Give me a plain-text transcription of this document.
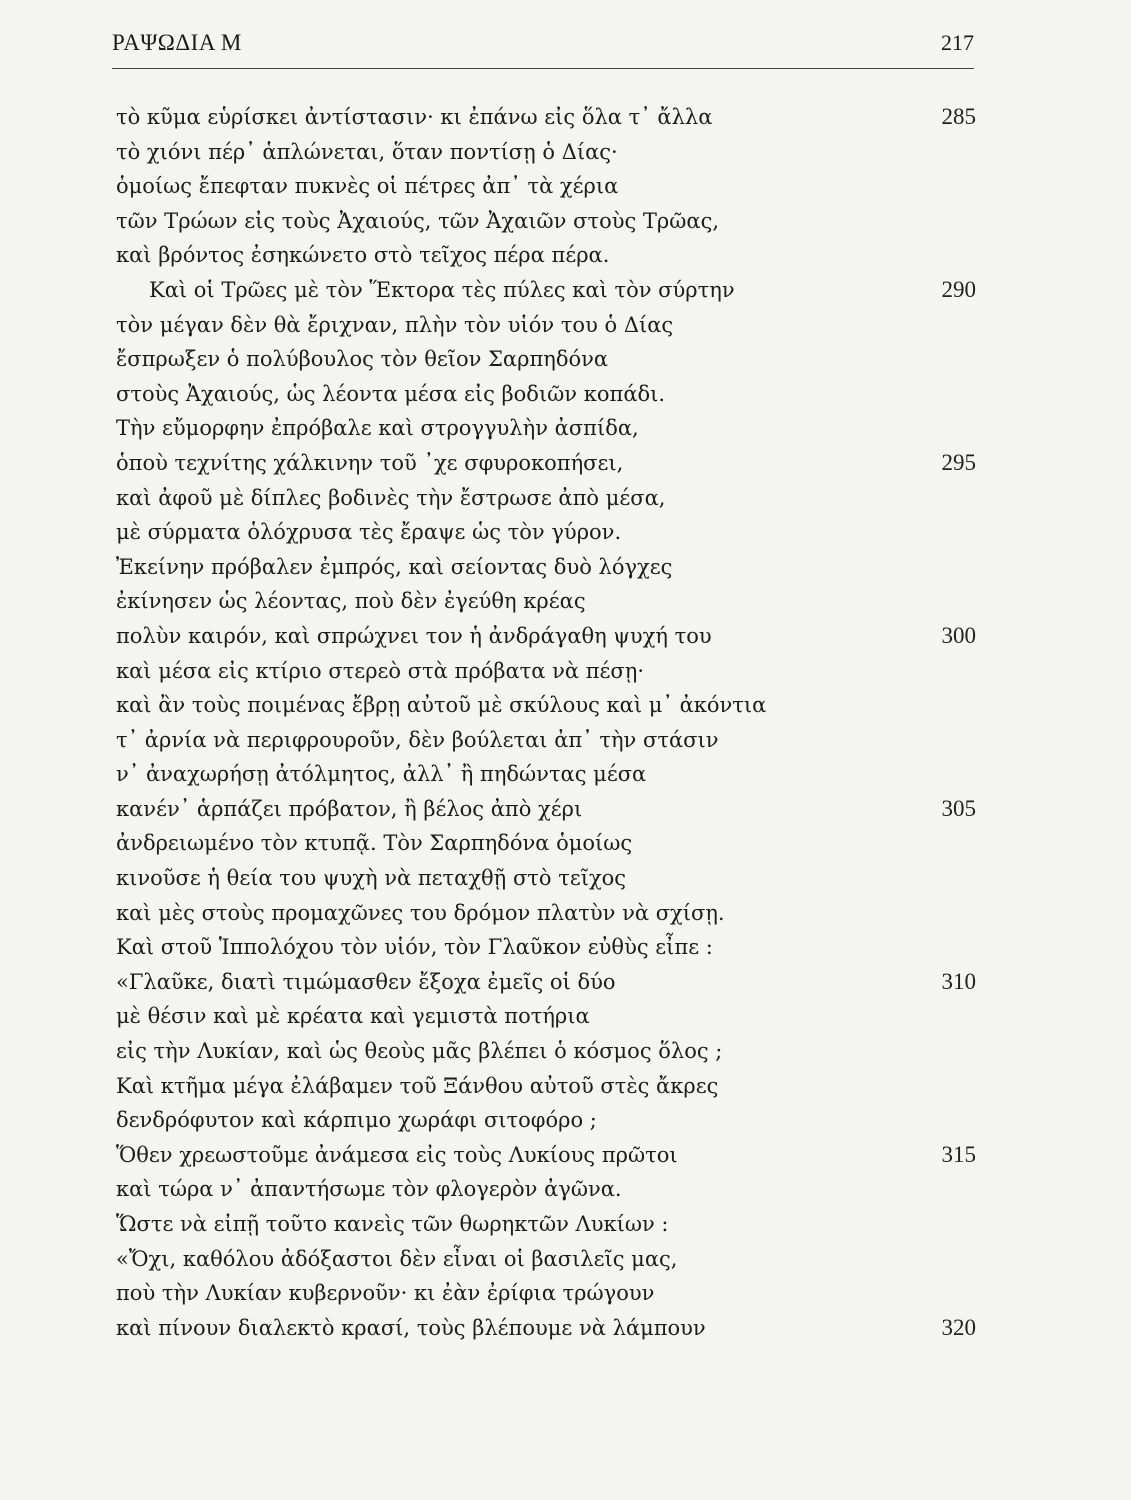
ΡΑΨΩΔΙΑ Μ	217
τὸ κῦμα εὑρίσκει ἀντίστασιν· κι ἐπάνω εἰς ὅλα τ᾽ ἄλλα	285
τὸ χιόνι πέρ᾽ ἁπλώνεται, ὅταν ποντίσῃ ὁ Δίας·
ὁμοίως ἔπεφταν πυκνὲς οἱ πέτρες ἀπ᾽ τὰ χέρια
τῶν Τρώων εἰς τοὺς Ἀχαιούς, τῶν Ἀχαιῶν στοὺς Τρῶας,
καὶ βρόντος ἐσηκώνετο στὸ τεῖχος πέρα πέρα.
Καὶ οἱ Τρῶες μὲ τὸν Ἕκτορα τὲς πύλες καὶ τὸν σύρτην	290
τὸν μέγαν δὲν θὰ ἔριχναν, πλὴν τὸν υἱόν του ὁ Δίας
ἔσπρωξεν ὁ πολύβουλος τὸν θεῖον Σαρπηδόνα
στοὺς Ἀχαιούς, ὡς λέοντα μέσα εἰς βοδιῶν κοπάδι.
Τὴν εὔμορφην ἐπρόβαλε καὶ στρογγυλὴν ἀσπίδα,
ὁποὺ τεχνίτης χάλκινην τοῦ ᾽χε σφυροκοπήσει,	295
καὶ ἀφοῦ μὲ δίπλες βοδινὲς τὴν ἔστρωσε ἀπὸ μέσα,
μὲ σύρματα ὁλόχρυσα τὲς ἔραψε ὡς τὸν γύρον.
Ἐκείνην πρόβαλεν ἐμπρός, καὶ σείοντας δυὸ λόγχες
ἐκίνησεν ὡς λέοντας, ποὺ δὲν ἐγεύθη κρέας
πολὺν καιρόν, καὶ σπρώχνει τον ἡ ἀνδράγαθη ψυχή του	300
καὶ μέσα εἰς κτίριο στερεὸ στὰ πρόβατα νὰ πέσῃ·
καὶ ἂν τοὺς ποιμένας ἔβρῃ αὐτοῦ μὲ σκύλους καὶ μ᾽ ἀκόντια
τ᾽ ἀρνία νὰ περιφρουροῦν, δὲν βούλεται ἀπ᾽ τὴν στάσιν
ν᾽ ἀναχωρήσῃ ἀτόλμητος, ἀλλ᾽ ἢ πηδώντας μέσα
κανέν᾽ ἁρπάζει πρόβατον, ἢ βέλος ἀπὸ χέρι	305
ἀνδρειωμένο τὸν κτυπᾷ. Τὸν Σαρπηδόνα ὁμοίως
κινοῦσε ἡ θεία του ψυχὴ νὰ πεταχθῇ στὸ τεῖχος
καὶ μὲς στοὺς προμαχῶνες του δρόμον πλατὺν νὰ σχίσῃ.
Καὶ στοῦ Ἱππολόχου τὸν υἱόν, τὸν Γλαῦκον εὐθὺς εἶπε :
«Γλαῦκε, διατὶ τιμώμασθεν ἔξοχα ἐμεῖς οἱ δύο	310
μὲ θέσιν καὶ μὲ κρέατα καὶ γεμιστὰ ποτήρια
εἰς τὴν Λυκίαν, καὶ ὡς θεοὺς μᾶς βλέπει ὁ κόσμος ὅλος ;
Καὶ κτῆμα μέγα ἐλάβαμεν τοῦ Ξάνθου αὐτοῦ στὲς ἄκρες
δενδρόφυτον καὶ κάρπιμο χωράφι σιτοφόρο ;
Ὅθεν χρεωστοῦμε ἀνάμεσα εἰς τοὺς Λυκίους πρῶτοι	315
καὶ τώρα ν᾽ ἀπαντήσωμε τὸν φλογερὸν ἀγῶνα.
Ὥστε νὰ εἰπῇ τοῦτο κανεὶς τῶν θωρηκτῶν Λυκίων :
«Ὄχι, καθόλου ἀδόξαστοι δὲν εἶναι οἱ βασιλεῖς μας,
ποὺ τὴν Λυκίαν κυβερνοῦν· κι ἐὰν ἐρίφια τρώγουν
καὶ πίνουν διαλεκτὸ κρασί, τοὺς βλέπουμε νὰ λάμπουν	320
